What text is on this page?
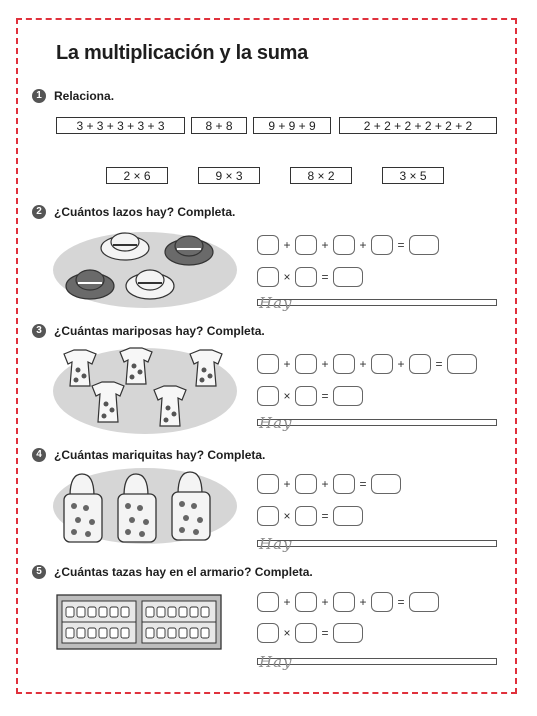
La multiplicación y la suma
1	Relaciona.
3 + 3 + 3 + 3 + 3	8 + 8	9 + 9 + 9	2 + 2 + 2 + 2 + 2 + 2
2 × 6	9 × 3	8 × 2	3 × 5
2	¿Cuántos lazos hay? Completa.
+	+	+	=
×	=
Hay
3	¿Cuántas mariposas hay? Completa.
+	+	+	+	=
×	=
Hay
4	¿Cuántas mariquitas hay? Completa.
+	+	=
×	=
Hay
5	¿Cuántas tazas hay en el armario? Completa.
+	+	+	=
×	=
Hay
